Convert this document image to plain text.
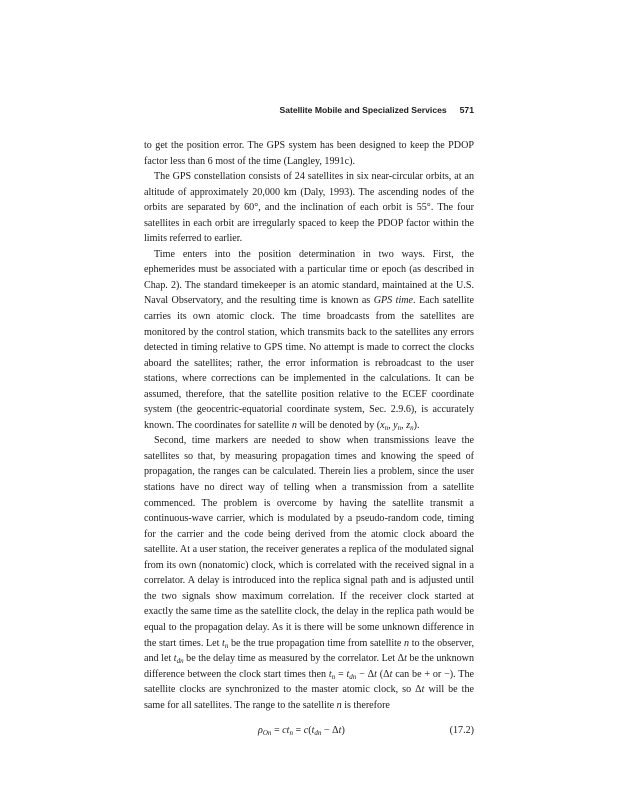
Satellite Mobile and Specialized Services 571

to get the position error. The GPS system has been designed to keep the PDOP factor less than 6 most of the time (Langley, 1991c).

The GPS constellation consists of 24 satellites in six near-circular orbits, at an altitude of approximately 20,000 km (Daly, 1993). The ascending nodes of the orbits are separated by 60°, and the inclination of each orbit is 55°. The four satellites in each orbit are irregularly spaced to keep the PDOP factor within the limits referred to earlier.

Time enters into the position determination in two ways. First, the ephemerides must be associated with a particular time or epoch (as described in Chap. 2). The standard timekeeper is an atomic standard, maintained at the U.S. Naval Observatory, and the resulting time is known as GPS time. Each satellite carries its own atomic clock. The time broadcasts from the satellites are monitored by the control station, which transmits back to the satellites any errors detected in timing relative to GPS time. No attempt is made to correct the clocks aboard the satellites; rather, the error information is rebroadcast to the user stations, where corrections can be implemented in the calculations. It can be assumed, therefore, that the satellite position relative to the ECEF coordinate system (the geocentric-equatorial coordinate system, Sec. 2.9.6), is accurately known. The coordinates for satellite n will be denoted by ($x_n$, $y_n$, $z_n$).

Second, time markers are needed to show when transmissions leave the satellites so that, by measuring propagation times and knowing the speed of propagation, the ranges can be calculated. Therein lies a problem, since the user stations have no direct way of telling when a transmission from a satellite commenced. The problem is overcome by having the satellite transmit a continuous-wave carrier, which is modulated by a pseudo-random code, timing for the carrier and the code being derived from the atomic clock aboard the satellite. At a user station, the receiver generates a replica of the modulated signal from its own (nonatomic) clock, which is correlated with the received signal in a correlator. A delay is introduced into the replica signal path and is adjusted until the two signals show maximum correlation. If the receiver clock started at exactly the same time as the satellite clock, the delay in the replica path would be equal to the propagation delay. As it is there will be some unknown difference in the start times. Let $t_n$ be the true propagation time from satellite n to the observer, and let $t_{dn}$ be the delay time as measured by the correlator. Let Δt be the unknown difference between the clock start times then $t_n = t_{dn} - \Delta t$ (Δt can be + or −). The satellite clocks are synchronized to the master atomic clock, so Δt will be the same for all satellites. The range to the satellite n is therefore

$\rho_{On} = ct_n = c(t_{dn} - \Delta t)$	(17.2)
